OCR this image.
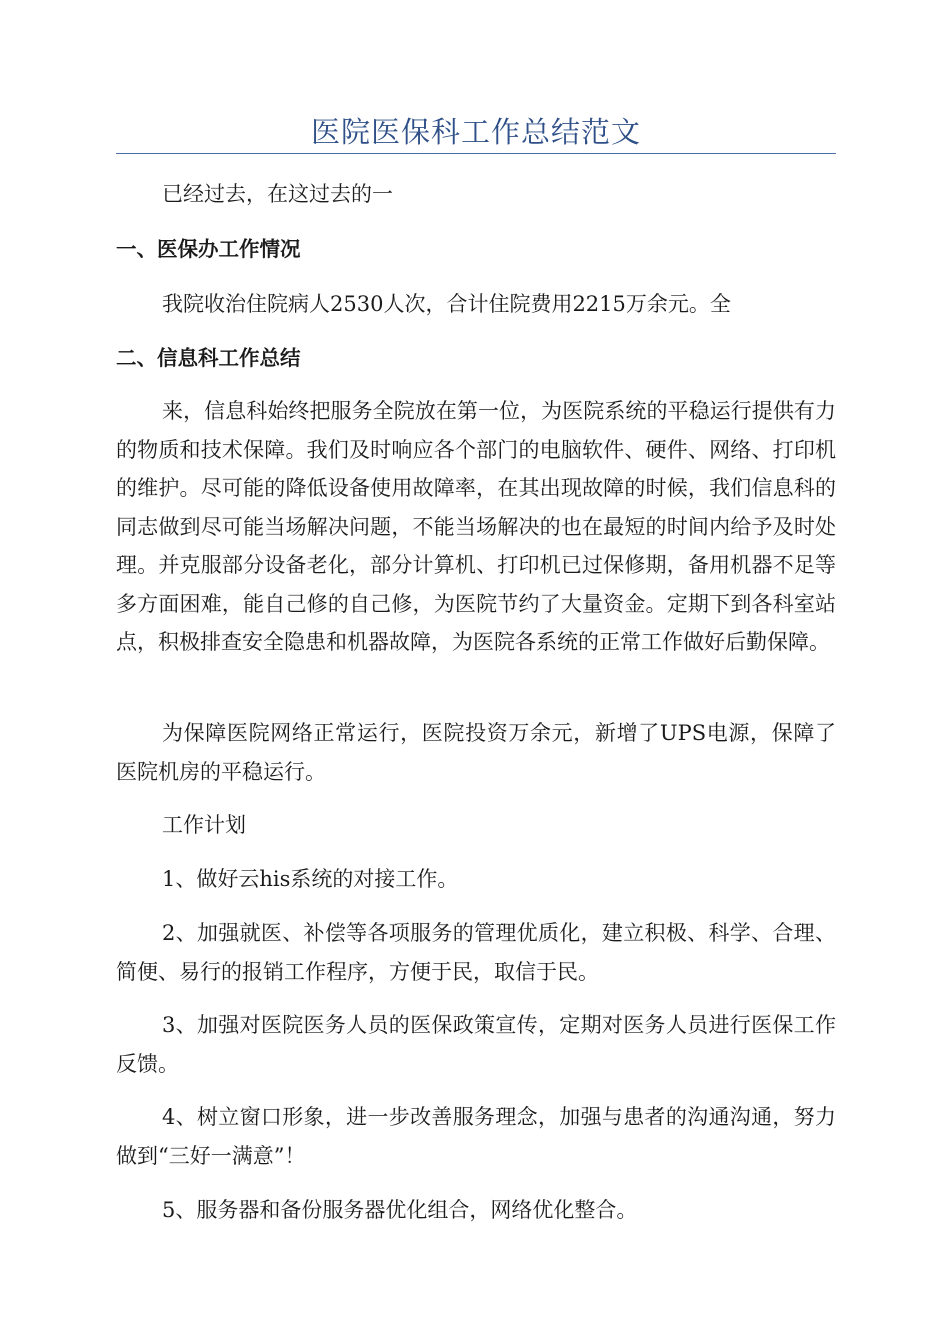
医院医保科工作总结范文

已经过去，在这过去的一

一、医保办工作情况

我院收治住院病人2530人次，合计住院费用2215万余元。全

二、信息科工作总结

来，信息科始终把服务全院放在第一位，为医院系统的平稳运行提供有力的物质和技术保障。我们及时响应各个部门的电脑软件、硬件、网络、打印机的维护。尽可能的降低设备使用故障率，在其出现故障的时候，我们信息科的同志做到尽可能当场解决问题，不能当场解决的也在最短的时间内给予及时处理。并克服部分设备老化，部分计算机、打印机已过保修期，备用机器不足等多方面困难，能自己修的自己修，为医院节约了大量资金。定期下到各科室站点，积极排查安全隐患和机器故障，为医院各系统的正常工作做好后勤保障。

为保障医院网络正常运行，医院投资万余元，新增了UPS电源，保障了医院机房的平稳运行。

工作计划

1、做好云his系统的对接工作。

2、加强就医、补偿等各项服务的管理优质化，建立积极、科学、合理、简便、易行的报销工作程序，方便于民，取信于民。

3、加强对医院医务人员的医保政策宣传，定期对医务人员进行医保工作反馈。

4、树立窗口形象，进一步改善服务理念，加强与患者的沟通沟通，努力做到“三好一满意”！

5、服务器和备份服务器优化组合，网络优化整合。
